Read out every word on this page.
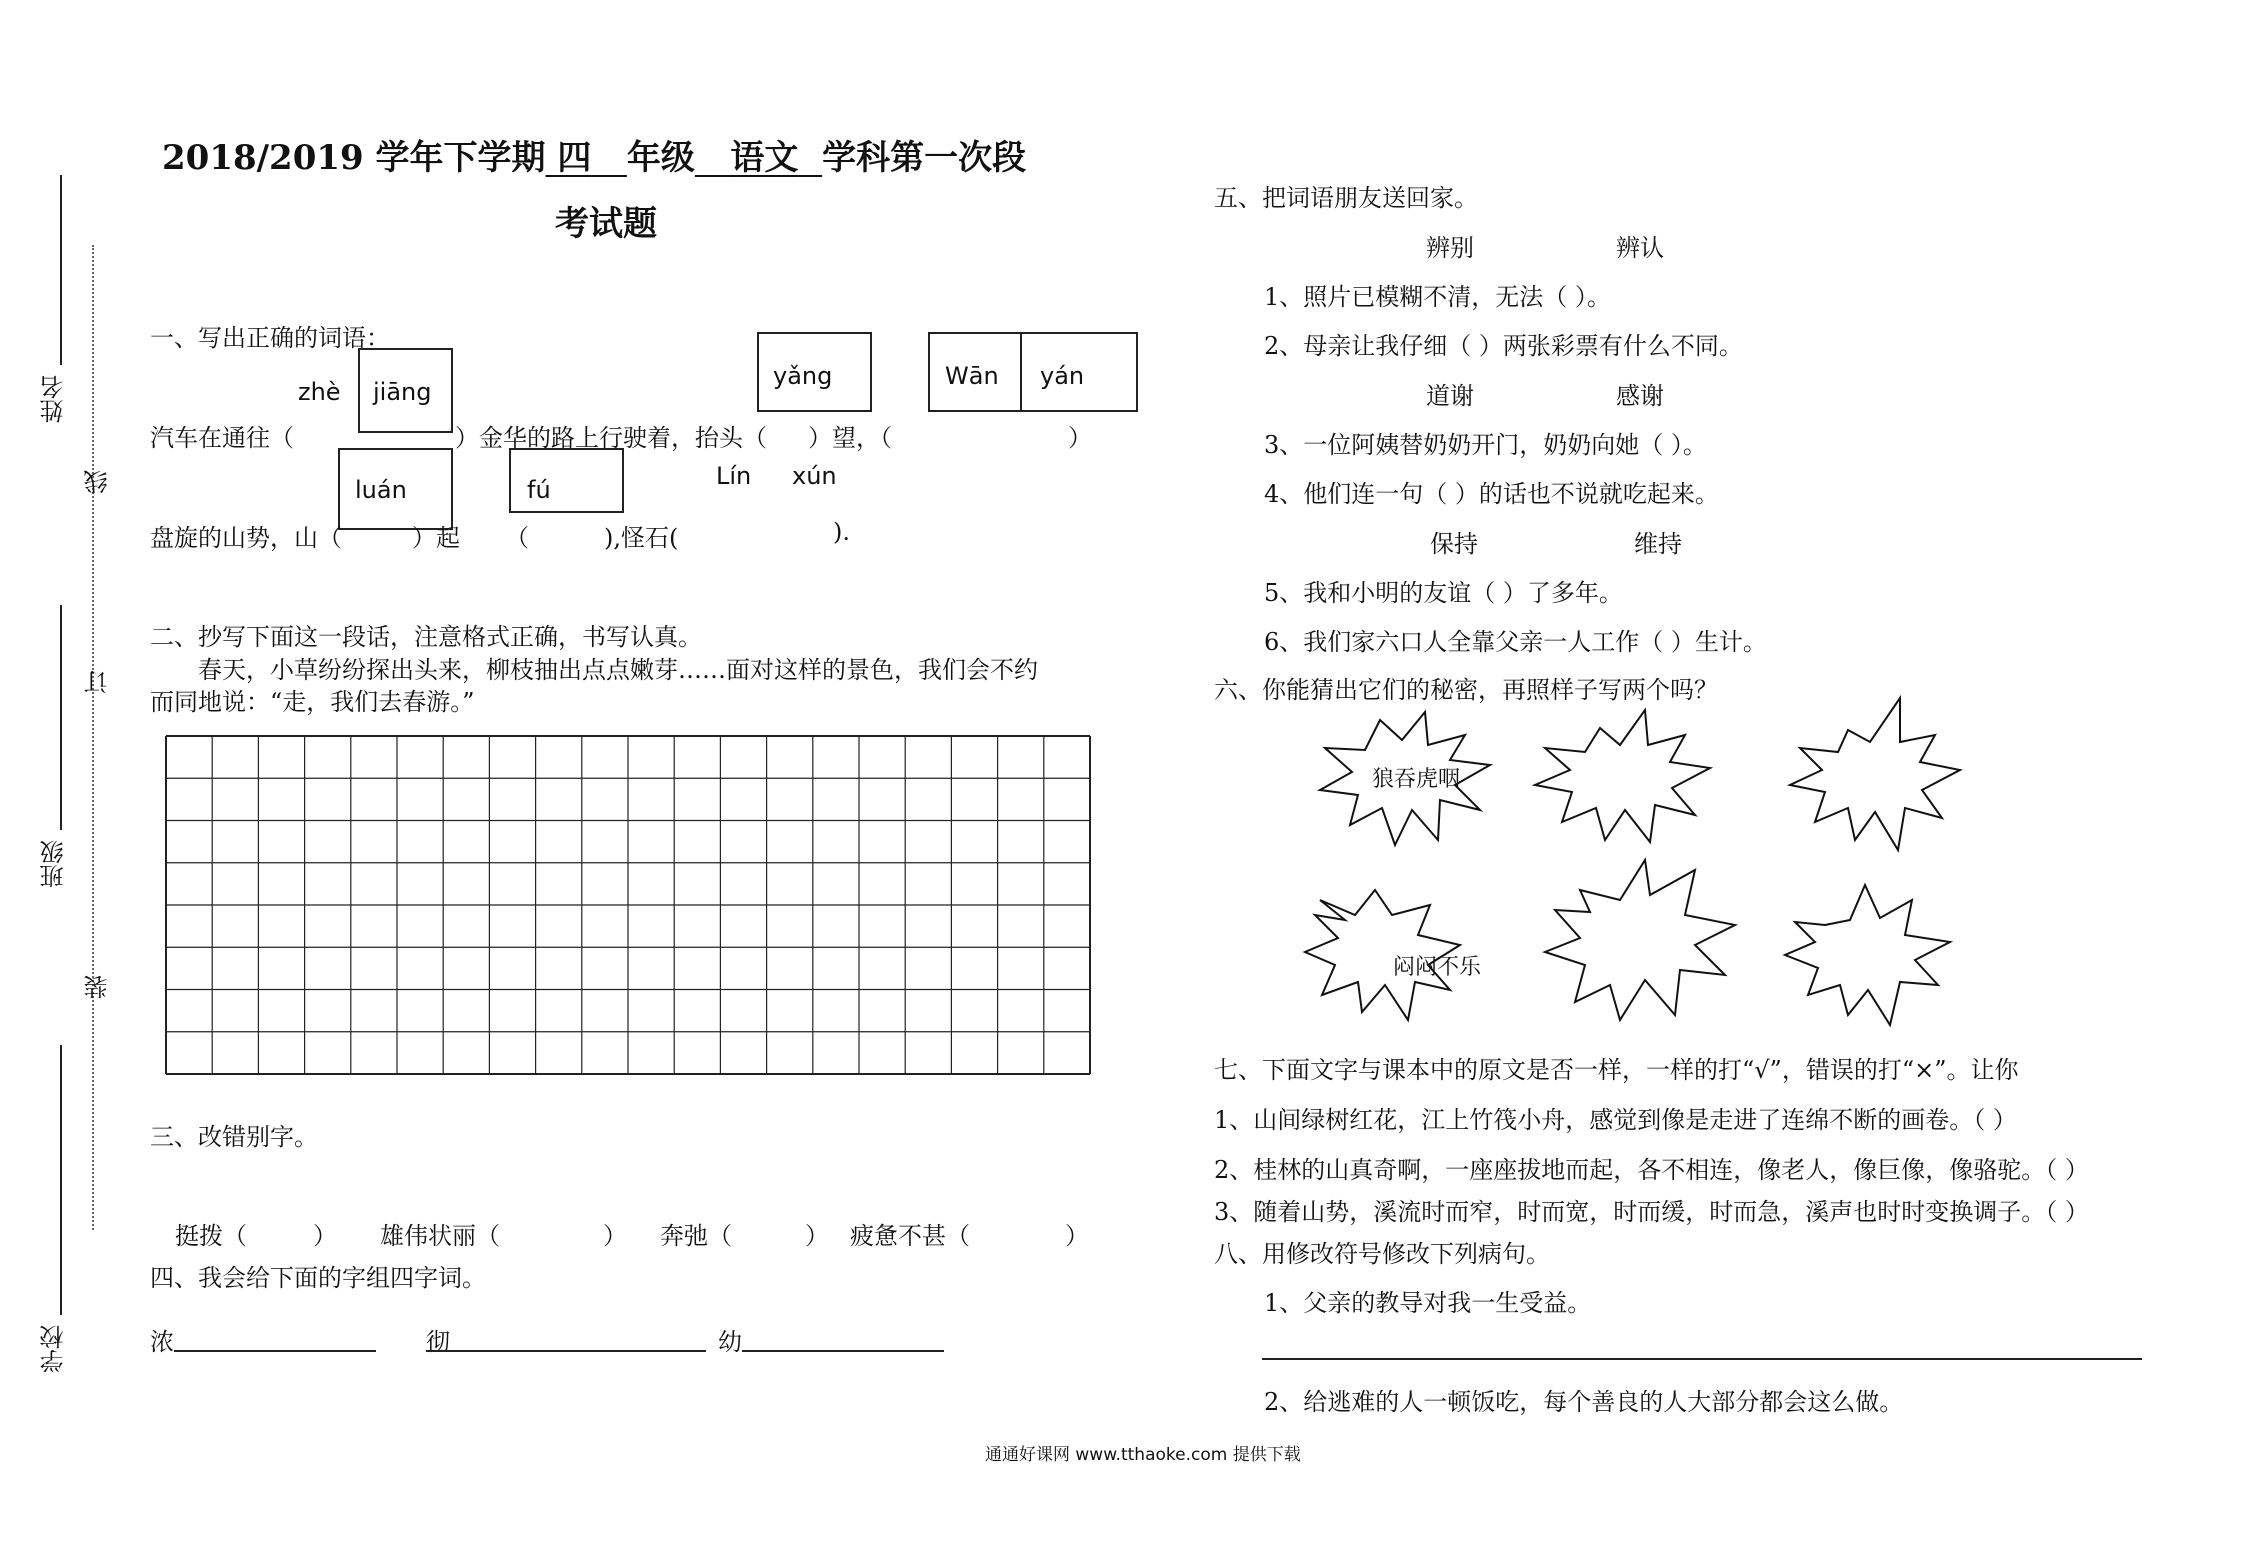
姓名
班级
学校
线
订
装
2018/2019 学年下学期 四 年级 语文 学科第一次段
考试题
一、写出正确的词语：
zhè jiāng
yǎng	Wān yán
luán	fú	Lín xún
汽车在通往（	）金华的路上行驶着，抬头（ ）望，（	）
盘旋的山势，山（	）起 （	),怪石(	).
二、抄写下面这一段话，注意格式正确，书写认真。
春天，小草纷纷探出头来，柳枝抽出点点嫩芽……面对这样的景色，我们会不约
而同地说：“走，我们去春游。”
三、改错别字。
挺拨（	） 雄伟状丽（	） 奔弛（	） 疲惫不甚（	）
四、我会给下面的字组四字词。
浓	彻	幼
五、把词语朋友送回家。
辨别	辨认
1、照片已模糊不清，无法（ ）。
2、母亲让我仔细（ ）两张彩票有什么不同。
道谢	感谢
3、一位阿姨替奶奶开门，奶奶向她（ ）。
4、他们连一句（ ）的话也不说就吃起来。
保持	维持
5、我和小明的友谊（ ）了多年。
6、我们家六口人全靠父亲一人工作（ ）生计。
六、你能猜出它们的秘密，再照样子写两个吗？
狼吞虎咽
闷闷不乐
七、下面文字与课本中的原文是否一样，一样的打“√”，错误的打“×”。让你
1、山间绿树红花，江上竹筏小舟，感觉到像是走进了连绵不断的画卷。（ ）
2、桂林的山真奇啊，一座座拔地而起，各不相连，像老人，像巨像，像骆驼。（ ）
3、随着山势，溪流时而窄，时而宽，时而缓，时而急，溪声也时时变换调子。（ ）
八、用修改符号修改下列病句。
1、父亲的教导对我一生受益。
2、给逃难的人一顿饭吃，每个善良的人大部分都会这么做。
通通好课网 www.tthaoke.com 提供下载
